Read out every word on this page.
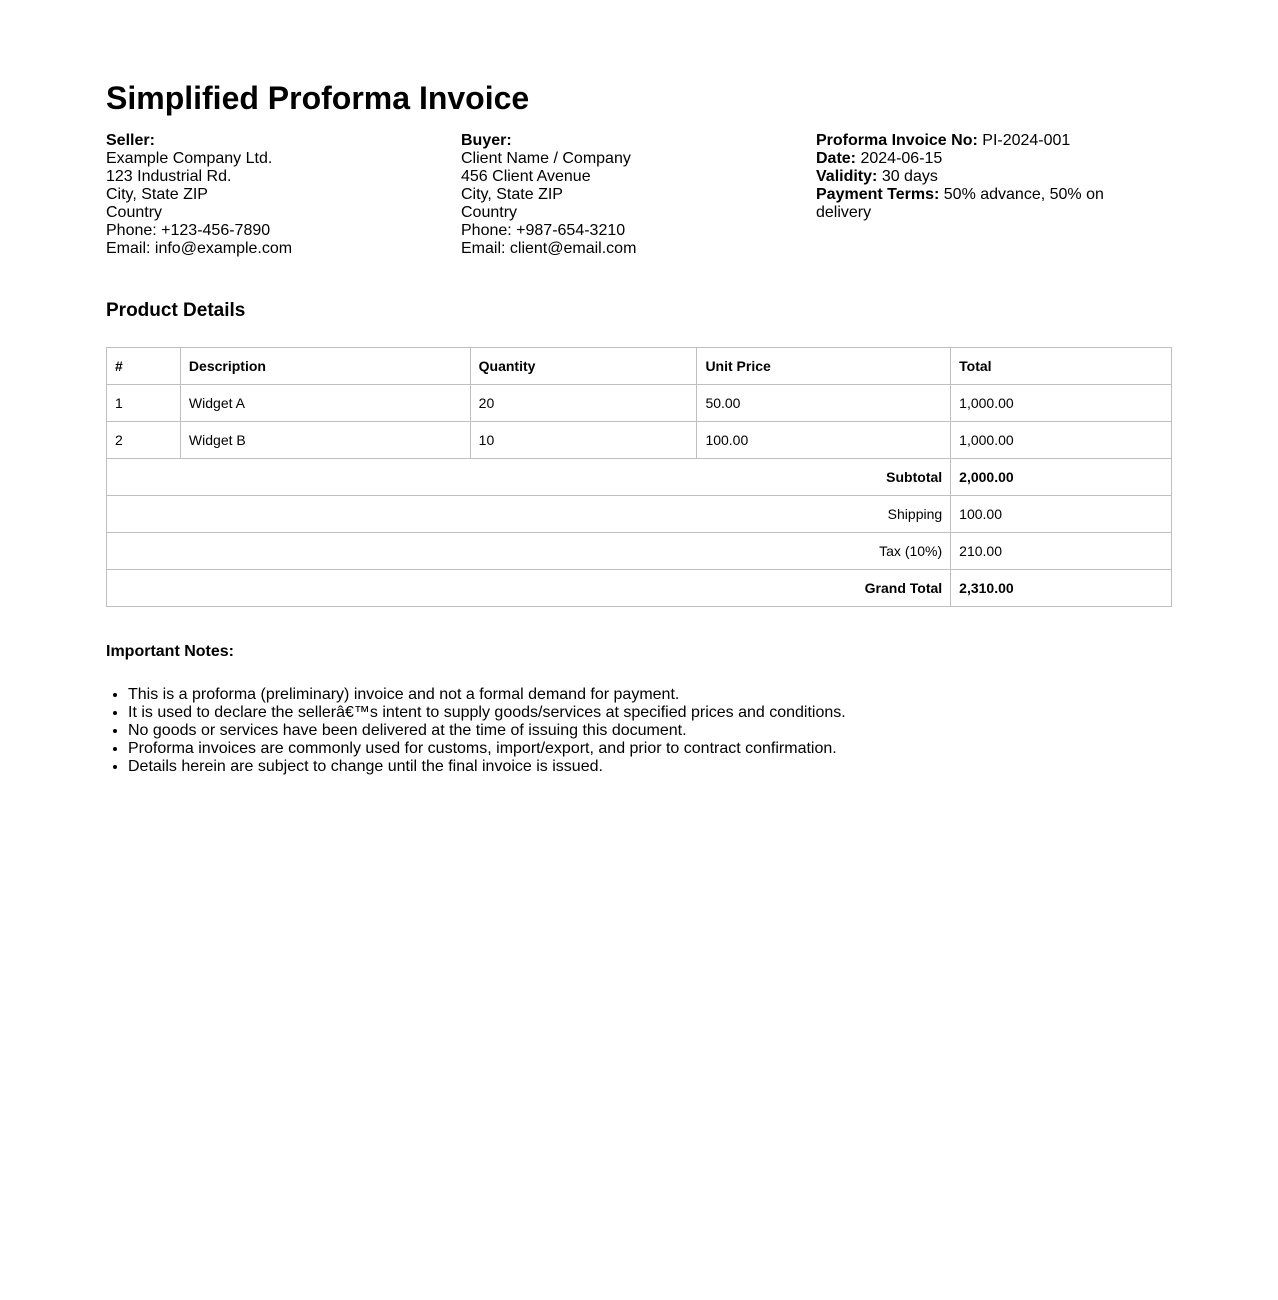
Simplified Proforma Invoice
Seller:
Example Company Ltd.
123 Industrial Rd.
City, State ZIP
Country
Phone: +123-456-7890
Email: info@example.com
Buyer:
Client Name / Company
456 Client Avenue
City, State ZIP
Country
Phone: +987-654-3210
Email: client@email.com
Proforma Invoice No: PI-2024-001
Date: 2024-06-15
Validity: 30 days
Payment Terms: 50% advance, 50% on delivery
Product Details
#	Description	Quantity	Unit Price	Total
1	Widget A	20	50.00	1,000.00
2	Widget B	10	100.00	1,000.00
Subtotal				2,000.00
Shipping				100.00
Tax (10%)				210.00
Grand Total				2,310.00
Important Notes:
• This is a proforma (preliminary) invoice and not a formal demand for payment.
• It is used to declare the sellerâ€™s intent to supply goods/services at specified prices and conditions.
• No goods or services have been delivered at the time of issuing this document.
• Proforma invoices are commonly used for customs, import/export, and prior to contract confirmation.
• Details herein are subject to change until the final invoice is issued.
